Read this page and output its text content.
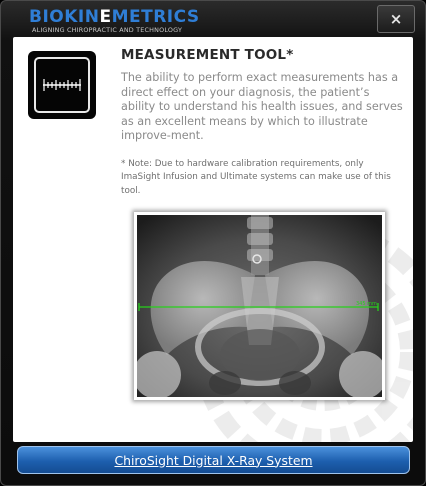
BIOKINEMETRICS
ALIGNING CHIROPRACTIC AND TECHNOLOGY
×
MEASUREMENT TOOL*
The ability to perform exact measurements has a direct effect on your diagnosis, the patient’s ability to understand his health issues, and serves as an excellent means by which to illustrate improve-ment.
* Note: Due to hardware calibration requirements, only ImaSight Infusion and Ultimate systems can make use of this tool.
345 mm
ChiroSight Digital X-Ray System
